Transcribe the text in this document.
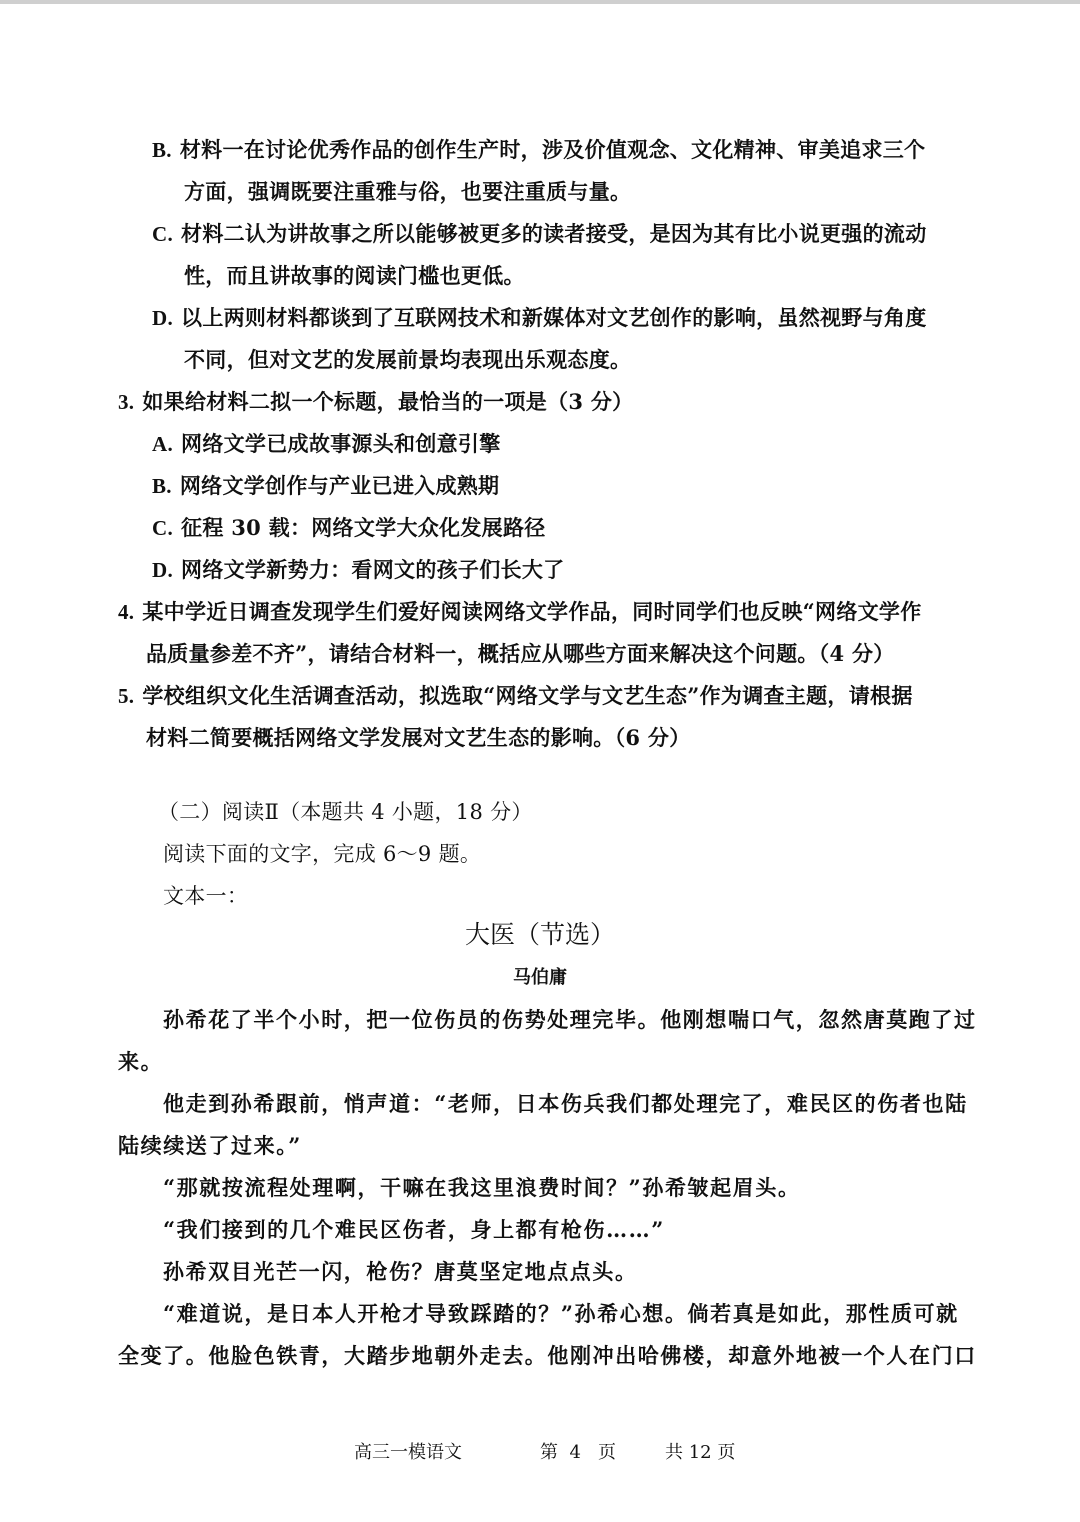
B. 材料一在讨论优秀作品的创作生产时，涉及价值观念、文化精神、审美追求三个
方面，强调既要注重雅与俗，也要注重质与量。
C. 材料二认为讲故事之所以能够被更多的读者接受，是因为其有比小说更强的流动
性，而且讲故事的阅读门槛也更低。
D. 以上两则材料都谈到了互联网技术和新媒体对文艺创作的影响，虽然视野与角度
不同，但对文艺的发展前景均表现出乐观态度。
3. 如果给材料二拟一个标题，最恰当的一项是（3 分）
A. 网络文学已成故事源头和创意引擎
B. 网络文学创作与产业已进入成熟期
C. 征程 30 载：网络文学大众化发展路径
D. 网络文学新势力：看网文的孩子们长大了
4. 某中学近日调查发现学生们爱好阅读网络文学作品，同时同学们也反映“网络文学作
品质量参差不齐”，请结合材料一，概括应从哪些方面来解决这个问题。（4 分）
5. 学校组织文化生活调查活动，拟选取“网络文学与文艺生态”作为调查主题，请根据
材料二简要概括网络文学发展对文艺生态的影响。（6 分）
（二）阅读Ⅱ（本题共 4 小题，18 分）
阅读下面的文字，完成 6～9 题。
文本一：
大医（节选）
马伯庸
孙希花了半个小时，把一位伤员的伤势处理完毕。他刚想喘口气，忽然唐莫跑了过
来。
他走到孙希跟前，悄声道：“老师，日本伤兵我们都处理完了，难民区的伤者也陆
陆续续送了过来。”
“那就按流程处理啊，干嘛在我这里浪费时间？”孙希皱起眉头。
“我们接到的几个难民区伤者，身上都有枪伤……”
孙希双目光芒一闪，枪伤？唐莫坚定地点点头。
“难道说，是日本人开枪才导致踩踏的？”孙希心想。倘若真是如此，那性质可就
全变了。他脸色铁青，大踏步地朝外走去。他刚冲出哈佛楼，却意外地被一个人在门口
高三一模语文	第  4   页	共 12 页
